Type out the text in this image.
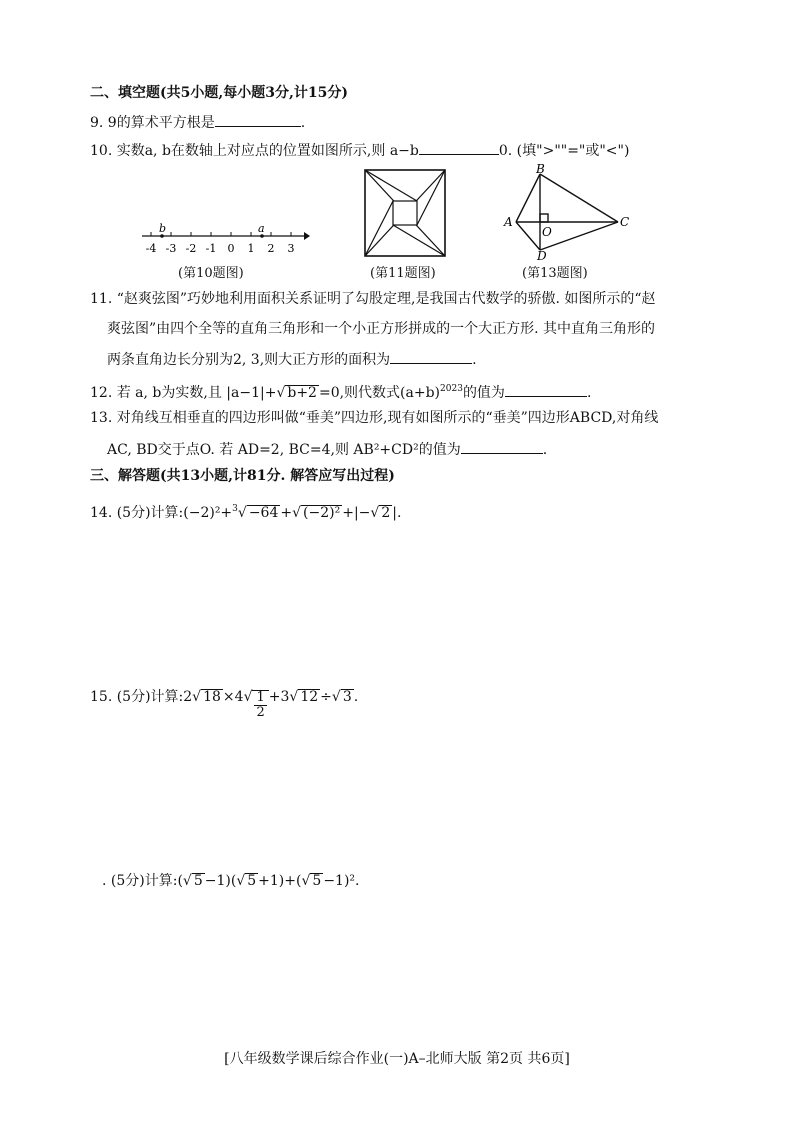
二、填空题(共5小题,每小题3分,计15分)
9. 9的算术平方根是	.
10. 实数a, b在数轴上对应点的位置如图所示,则 a−b	0. (填">""="或"<")
b	a
-4 -3 -2 -1 0 1 2 3
(第10题图)	(第11题图)
B
A	C
D
O
(第13题图)
11. “赵爽弦图”巧妙地利用面积关系证明了勾股定理,是我国古代数学的骄傲. 如图所示的“赵
爽弦图”由四个全等的直角三角形和一个小正方形拼成的一个大正方形. 其中直角三角形的
两条直角边长分别为2, 3,则大正方形的面积为	.
12. 若 a, b为实数,且 |a−1|+√ b+2 =0,则代数式$(a+b)^{2023}$的值为	.
13. 对角线互相垂直的四边形叫做“垂美”四边形,现有如图所示的“垂美”四边形ABCD,对角线
AC, BD交于点O. 若 AD=2, BC=4,则 AB²+CD²的值为	.
三、解答题(共13小题,计81分. 解答应写出过程)
14. (5分)计算:(−2)²+$^3$√ −64 +√ (−2)² +|−√ 2 |.
15. (5分)计算:2√ $18 \times 4√ \frac{1}{2} +3√$ 12 ÷√ 3 .
. (5分)计算:(√ 5 −1)(√ 5 +1)+(√ 5 −1)².
[八年级数学课后综合作业(一)A–北师大版 第2页 共6页]
